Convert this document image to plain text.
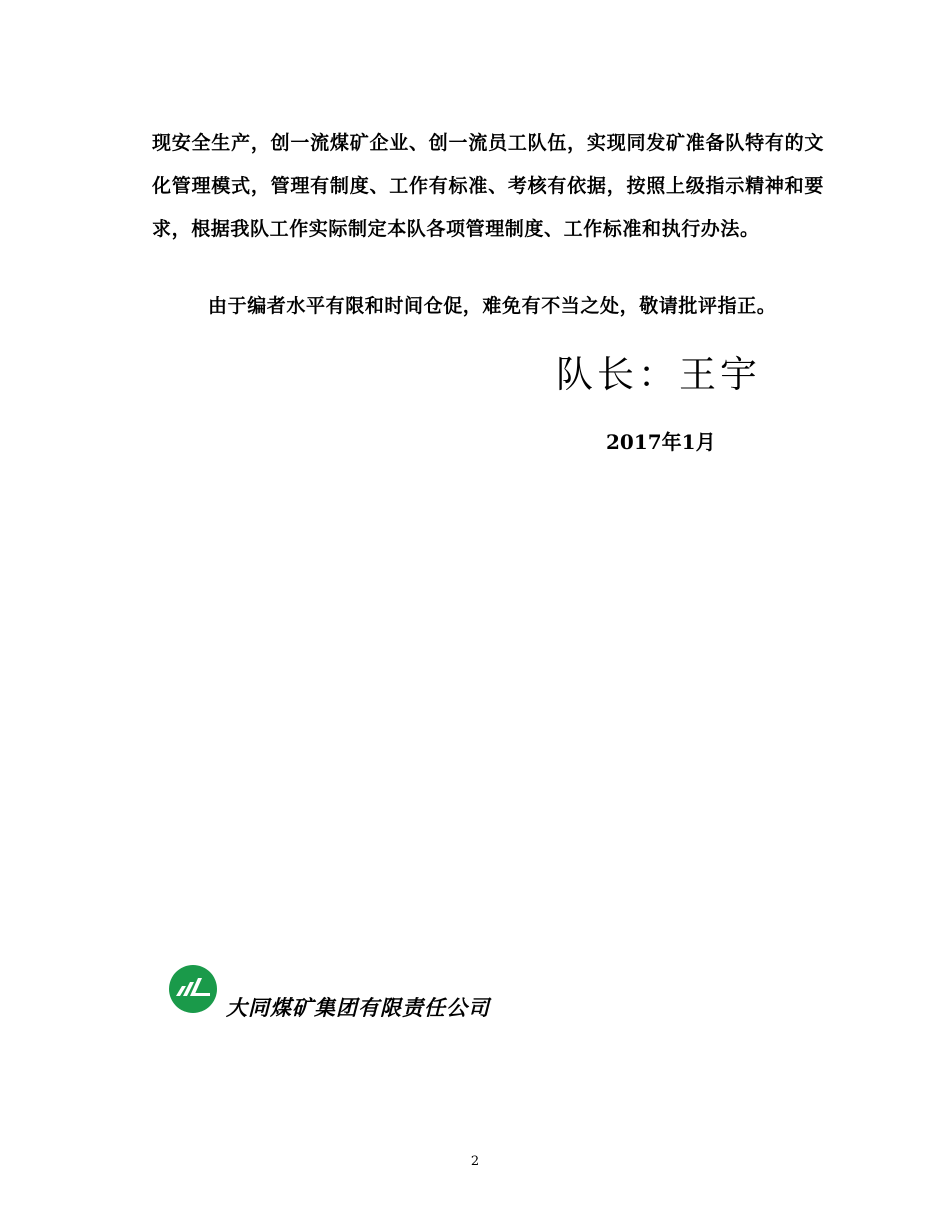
现安全生产，创一流煤矿企业、创一流员工队伍，实现同发矿准备队特有的文化管理模式，管理有制度、工作有标准、考核有依据，按照上级指示精神和要求，根据我队工作实际制定本队各项管理制度、工作标准和执行办法。

由于编者水平有限和时间仓促，难免有不当之处，敬请批评指正。
队长：王宇
2017年1月
大同煤矿集团有限责任公司
2
